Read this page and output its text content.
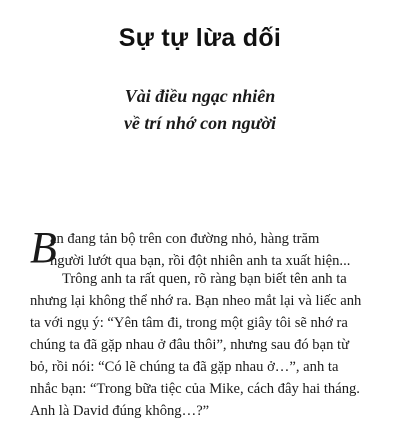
Sự tự lừa dối
Vài điều ngạc nhiên
về trí nhớ con người
B
ạn đang tản bộ trên con đường nhỏ, hàng trăm
người lướt qua bạn, rồi đột nhiên anh ta xuất hiện...
Trông anh ta rất quen, rõ ràng bạn biết tên anh ta
nhưng lại không thể nhớ ra. Bạn nheo mắt lại và liếc anh
ta với ngụ ý: “Yên tâm đi, trong một giây tôi sẽ nhớ ra
chúng ta đã gặp nhau ở đâu thôi”, nhưng sau đó bạn từ
bỏ, rồi nói: “Có lẽ chúng ta đã gặp nhau ở…”, anh ta
nhắc bạn: “Trong bữa tiệc của Mike, cách đây hai tháng.
Anh là David đúng không…?”
